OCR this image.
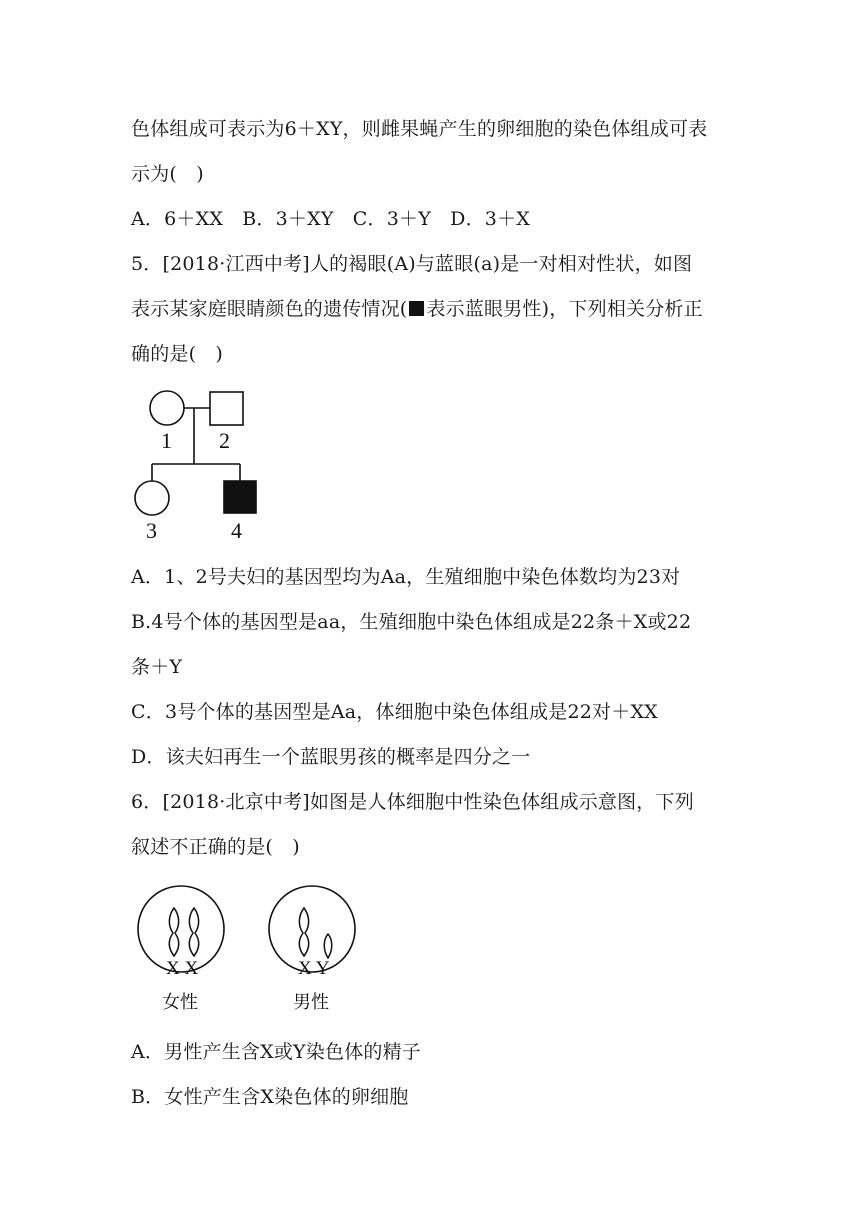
色体组成可表示为6＋XY，则雌果蝇产生的卵细胞的染色体组成可表
示为(　)
A．6＋XX　B．3＋XY　C．3＋Y　D．3＋X
5．[2018·江西中考]人的褐眼(A)与蓝眼(a)是一对相对性状，如图
表示某家庭眼睛颜色的遗传情况( 表示蓝眼男性)，下列相关分析正
确的是(　)
1 2
3	4
A．1、2号夫妇的基因型均为Aa，生殖细胞中染色体数均为23对
B.4号个体的基因型是aa，生殖细胞中染色体组成是22条＋X或22
条＋Y
C．3号个体的基因型是Aa，体细胞中染色体组成是22对＋XX
D．该夫妇再生一个蓝眼男孩的概率是四分之一
6．[2018·北京中考]如图是人体细胞中性染色体组成示意图，下列
叙述不正确的是(　)
X X	X Y
女性	男性
A．男性产生含X或Y染色体的精子
B．女性产生含X染色体的卵细胞
